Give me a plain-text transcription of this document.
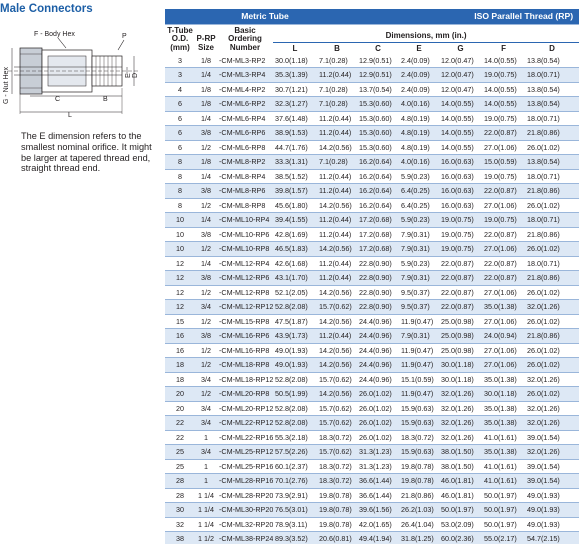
Male Connectors
F - Body Hex	P
G - Nut Hex	E D
C	B
L
The E dimension refers to the smallest nominal orifice. It might be larger at tapered thread end, straight thread end.
Metric Tube					ISO Parallel Thread (RP)				
T-Tube O.D. (mm)	P-RP Size	Basic Ordering Number	Dimensions, mm (in.)						
			L	B	C	E	G	F	D
3	1/8	-CM-ML3-RP2	30.0(1.18)	7.1(0.28)	12.9(0.51)	2.4(0.09)	12.0(0.47)	14.0(0.55)	13.8(0.54)
3	1/4	-CM-ML3-RP4	35.3(1.39)	11.2(0.44)	12.9(0.51)	2.4(0.09)	12.0(0.47)	19.0(0.75)	18.0(0.71)
4	1/8	-CM-ML4-RP2	30.7(1.21)	7.1(0.28)	13.7(0.54)	2.4(0.09)	12.0(0.47)	14.0(0.55)	13.8(0.54)
6	1/8	-CM-ML6-RP2	32.3(1.27)	7.1(0.28)	15.3(0.60)	4.0(0.16)	14.0(0.55)	14.0(0.55)	13.8(0.54)
6	1/4	-CM-ML6-RP4	37.6(1.48)	11.2(0.44)	15.3(0.60)	4.8(0.19)	14.0(0.55)	19.0(0.75)	18.0(0.71)
6	3/8	-CM-ML6-RP6	38.9(1.53)	11.2(0.44)	15.3(0.60)	4.8(0.19)	14.0(0.55)	22.0(0.87)	21.8(0.86)
6	1/2	-CM-ML6-RP8	44.7(1.76)	14.2(0.56)	15.3(0.60)	4.8(0.19)	14.0(0.55)	27.0(1.06)	26.0(1.02)
8	1/8	-CM-ML8-RP2	33.3(1.31)	7.1(0.28)	16.2(0.64)	4.0(0.16)	16.0(0.63)	15.0(0.59)	13.8(0.54)
8	1/4	-CM-ML8-RP4	38.5(1.52)	11.2(0.44)	16.2(0.64)	5.9(0.23)	16.0(0.63)	19.0(0.75)	18.0(0.71)
8	3/8	-CM-ML8-RP6	39.8(1.57)	11.2(0.44)	16.2(0.64)	6.4(0.25)	16.0(0.63)	22.0(0.87)	21.8(0.86)
8	1/2	-CM-ML8-RP8	45.6(1.80)	14.2(0.56)	16.2(0.64)	6.4(0.25)	16.0(0.63)	27.0(1.06)	26.0(1.02)
10	1/4	-CM-ML10-RP4	39.4(1.55)	11.2(0.44)	17.2(0.68)	5.9(0.23)	19.0(0.75)	19.0(0.75)	18.0(0.71)
10	3/8	-CM-ML10-RP6	42.8(1.69)	11.2(0.44)	17.2(0.68)	7.9(0.31)	19.0(0.75)	22.0(0.87)	21.8(0.86)
10	1/2	-CM-ML10-RP8	46.5(1.83)	14.2(0.56)	17.2(0.68)	7.9(0.31)	19.0(0.75)	27.0(1.06)	26.0(1.02)
12	1/4	-CM-ML12-RP4	42.6(1.68)	11.2(0.44)	22.8(0.90)	5.9(0.23)	22.0(0.87)	22.0(0.87)	18.0(0.71)
12	3/8	-CM-ML12-RP6	43.1(1.70)	11.2(0.44)	22.8(0.90)	7.9(0.31)	22.0(0.87)	22.0(0.87)	21.8(0.86)
12	1/2	-CM-ML12-RP8	52.1(2.05)	14.2(0.56)	22.8(0.90)	9.5(0.37)	22.0(0.87)	27.0(1.06)	26.0(1.02)
12	3/4	-CM-ML12-RP12	52.8(2.08)	15.7(0.62)	22.8(0.90)	9.5(0.37)	22.0(0.87)	35.0(1.38)	32.0(1.26)
15	1/2	-CM-ML15-RP8	47.5(1.87)	14.2(0.56)	24.4(0.96)	11.9(0.47)	25.0(0.98)	27.0(1.06)	26.0(1.02)
16	3/8	-CM-ML16-RP6	43.9(1.73)	11.2(0.44)	24.4(0.96)	7.9(0.31)	25.0(0.98)	24.0(0.94)	21.8(0.86)
16	1/2	-CM-ML16-RP8	49.0(1.93)	14.2(0.56)	24.4(0.96)	11.9(0.47)	25.0(0.98)	27.0(1.06)	26.0(1.02)
18	1/2	-CM-ML18-RP8	49.0(1.93)	14.2(0.56)	24.4(0.96)	11.9(0.47)	30.0(1.18)	27.0(1.06)	26.0(1.02)
18	3/4	-CM-ML18-RP12	52.8(2.08)	15.7(0.62)	24.4(0.96)	15.1(0.59)	30.0(1.18)	35.0(1.38)	32.0(1.26)
20	1/2	-CM-ML20-RP8	50.5(1.99)	14.2(0.56)	26.0(1.02)	11.9(0.47)	32.0(1.26)	30.0(1.18)	26.0(1.02)
20	3/4	-CM-ML20-RP12	52.8(2.08)	15.7(0.62)	26.0(1.02)	15.9(0.63)	32.0(1.26)	35.0(1.38)	32.0(1.26)
22	3/4	-CM-ML22-RP12	52.8(2.08)	15.7(0.62)	26.0(1.02)	15.9(0.63)	32.0(1.26)	35.0(1.38)	32.0(1.26)
22	1	-CM-ML22-RP16	55.3(2.18)	18.3(0.72)	26.0(1.02)	18.3(0.72)	32.0(1.26)	41.0(1.61)	39.0(1.54)
25	3/4	-CM-ML25-RP12	57.5(2.26)	15.7(0.62)	31.3(1.23)	15.9(0.63)	38.0(1.50)	35.0(1.38)	32.0(1.26)
25	1	-CM-ML25-RP16	60.1(2.37)	18.3(0.72)	31.3(1.23)	19.8(0.78)	38.0(1.50)	41.0(1.61)	39.0(1.54)
28	1	-CM-ML28-RP16	70.1(2.76)	18.3(0.72)	36.6(1.44)	19.8(0.78)	46.0(1.81)	41.0(1.61)	39.0(1.54)
28	1 1/4	-CM-ML28-RP20	73.9(2.91)	19.8(0.78)	36.6(1.44)	21.8(0.86)	46.0(1.81)	50.0(1.97)	49.0(1.93)
30	1 1/4	-CM-ML30-RP20	76.5(3.01)	19.8(0.78)	39.6(1.56)	26.2(1.03)	50.0(1.97)	50.0(1.97)	49.0(1.93)
32	1 1/4	-CM-ML32-RP20	78.9(3.11)	19.8(0.78)	42.0(1.65)	26.4(1.04)	53.0(2.09)	50.0(1.97)	49.0(1.93)
38	1 1/2	-CM-ML38-RP24	89.3(3.52)	20.6(0.81)	49.4(1.94)	31.8(1.25)	60.0(2.36)	55.0(2.17)	54.7(2.15)
